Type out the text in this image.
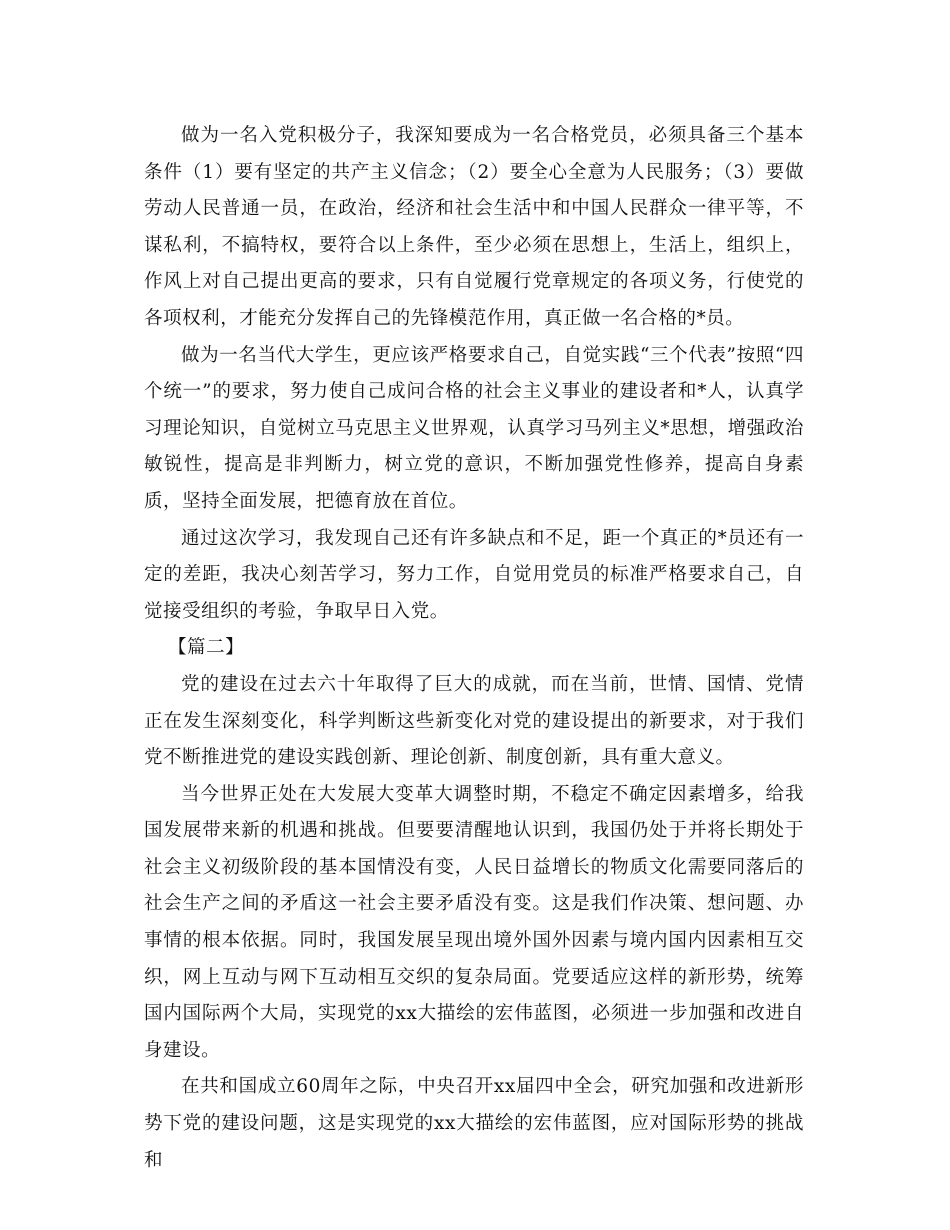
做为一名入党积极分子，我深知要成为一名合格党员，必须具备三个基本条件（1）要有坚定的共产主义信念；（2）要全心全意为人民服务；（3）要做劳动人民普通一员，在政治，经济和社会生活中和中国人民群众一律平等，不谋私利，不搞特权，要符合以上条件，至少必须在思想上，生活上，组织上，作风上对自己提出更高的要求，只有自觉履行党章规定的各项义务，行使党的各项权利，才能充分发挥自己的先锋模范作用，真正做一名合格的*员。

做为一名当代大学生，更应该严格要求自己，自觉实践“三个代表”按照“四个统一”的要求，努力使自己成问合格的社会主义事业的建设者和*人，认真学习理论知识，自觉树立马克思主义世界观，认真学习马列主义*思想，增强政治敏锐性，提高是非判断力，树立党的意识，不断加强党性修养，提高自身素质，坚持全面发展，把德育放在首位。

通过这次学习，我发现自己还有许多缺点和不足，距一个真正的*员还有一定的差距，我决心刻苦学习，努力工作，自觉用党员的标准严格要求自己，自觉接受组织的考验，争取早日入党。

【篇二】

党的建设在过去六十年取得了巨大的成就，而在当前，世情、国情、党情正在发生深刻变化，科学判断这些新变化对党的建设提出的新要求，对于我们党不断推进党的建设实践创新、理论创新、制度创新，具有重大意义。

当今世界正处在大发展大变革大调整时期，不稳定不确定因素增多，给我国发展带来新的机遇和挑战。但要要清醒地认识到，我国仍处于并将长期处于社会主义初级阶段的基本国情没有变，人民日益增长的物质文化需要同落后的社会生产之间的矛盾这一社会主要矛盾没有变。这是我们作决策、想问题、办事情的根本依据。同时，我国发展呈现出境外国外因素与境内国内因素相互交织，网上互动与网下互动相互交织的复杂局面。党要适应这样的新形势，统筹国内国际两个大局，实现党的xx大描绘的宏伟蓝图，必须进一步加强和改进自身建设。

在共和国成立60周年之际，中央召开xx届四中全会，研究加强和改进新形势下党的建设问题，这是实现党的xx大描绘的宏伟蓝图，应对国际形势的挑战和
